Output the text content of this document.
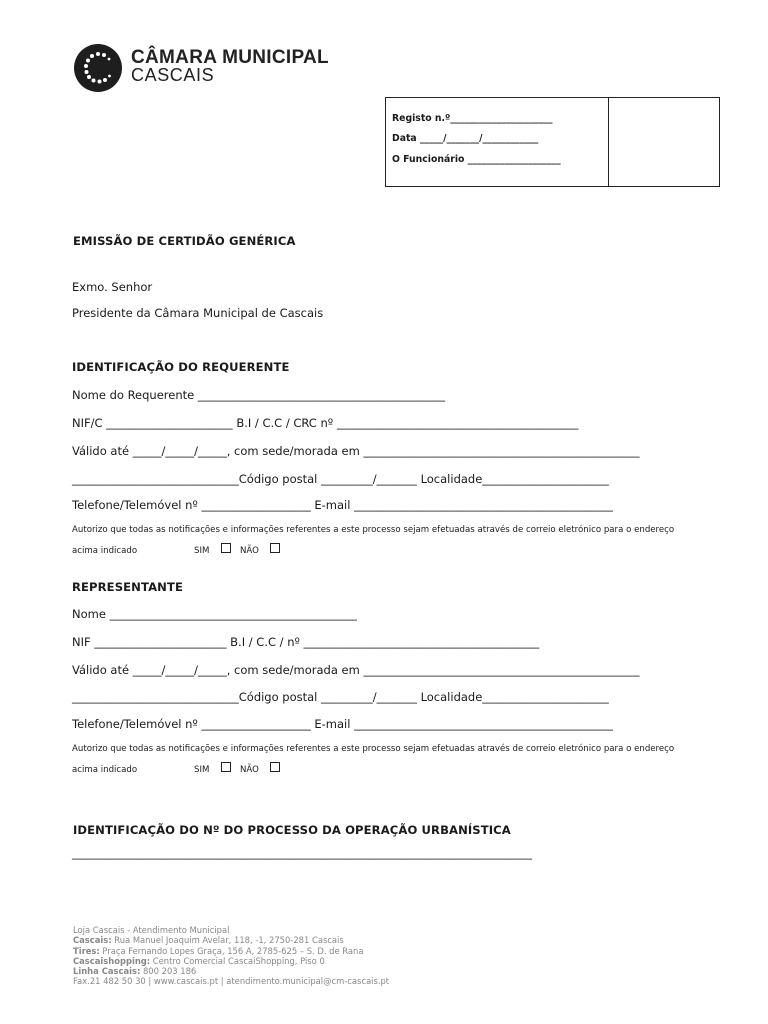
CÂMARA MUNICIPAL
CASCAIS
Registo n.º______________________
Data _____/_______/____________
O Funcionário ____________________
EMISSÃO DE CERTIDÃO GENÉRICA
Exmo. Senhor
Presidente da Câmara Municipal de Cascais
IDENTIFICAÇÃO DO REQUERENTE
Nome do Requerente ___________________________________________
NIF/C ______________________ B.I / C.C / CRC nº __________________________________________
Válido até _____/_____/_____, com sede/morada em ________________________________________________
_____________________________Código postal _________/_______ Localidade______________________
Telefone/Telemóvel nº ___________________ E-mail _____________________________________________
Autorizo que todas as notificações e informações referentes a este processo sejam efetuadas através de correio eletrónico para o endereço
acima indicado	SIM	NÃO
REPRESENTANTE
Nome ___________________________________________
NIF _______________________ B.I / C.C / nº _________________________________________
Válido até _____/_____/_____, com sede/morada em ________________________________________________
_____________________________Código postal _________/_______ Localidade______________________
Telefone/Telemóvel nº ___________________ E-mail _____________________________________________
Autorizo que todas as notificações e informações referentes a este processo sejam efetuadas através de correio eletrónico para o endereço
acima indicado	SIM	NÃO
IDENTIFICAÇÃO DO Nº DO PROCESSO DA OPERAÇÃO URBANÍSTICA
________________________________________________________________________________
Loja Cascais - Atendimento Municipal
Cascais: Rua Manuel Joaquim Avelar, 118, -1, 2750-281 Cascais
Tires: Praça Fernando Lopes Graça, 156 A, 2785-625 – S. D. de Rana
Cascaishopping: Centro Comercial CascaiShopping, Piso 0
Linha Cascais: 800 203 186
Fax.21 482 50 30 | www.cascais.pt | atendimento.municipal@cm-cascais.pt
